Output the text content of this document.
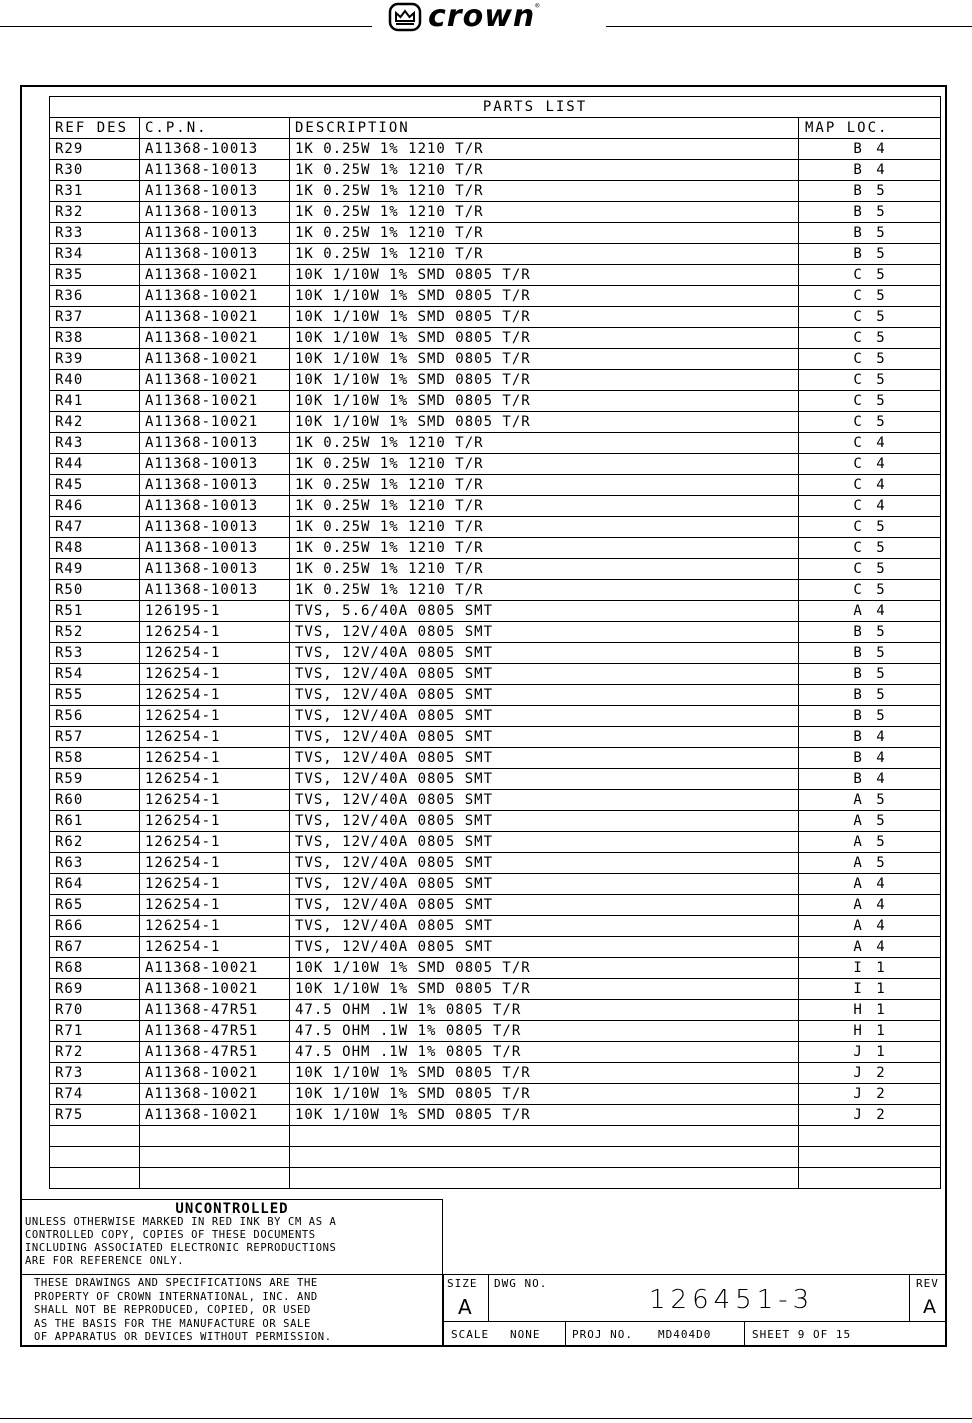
crown ®
PARTS LIST			
REF DES	C.P.N.	DESCRIPTION	MAP LOC.
R29	A11368-10013	1K 0.25W 1% 1210 T/R	B 4
R30	A11368-10013	1K 0.25W 1% 1210 T/R	B 4
R31	A11368-10013	1K 0.25W 1% 1210 T/R	B 5
R32	A11368-10013	1K 0.25W 1% 1210 T/R	B 5
R33	A11368-10013	1K 0.25W 1% 1210 T/R	B 5
R34	A11368-10013	1K 0.25W 1% 1210 T/R	B 5
R35	A11368-10021	10K 1/10W 1% SMD 0805 T/R	C 5
R36	A11368-10021	10K 1/10W 1% SMD 0805 T/R	C 5
R37	A11368-10021	10K 1/10W 1% SMD 0805 T/R	C 5
R38	A11368-10021	10K 1/10W 1% SMD 0805 T/R	C 5
R39	A11368-10021	10K 1/10W 1% SMD 0805 T/R	C 5
R40	A11368-10021	10K 1/10W 1% SMD 0805 T/R	C 5
R41	A11368-10021	10K 1/10W 1% SMD 0805 T/R	C 5
R42	A11368-10021	10K 1/10W 1% SMD 0805 T/R	C 5
R43	A11368-10013	1K 0.25W 1% 1210 T/R	C 4
R44	A11368-10013	1K 0.25W 1% 1210 T/R	C 4
R45	A11368-10013	1K 0.25W 1% 1210 T/R	C 4
R46	A11368-10013	1K 0.25W 1% 1210 T/R	C 4
R47	A11368-10013	1K 0.25W 1% 1210 T/R	C 5
R48	A11368-10013	1K 0.25W 1% 1210 T/R	C 5
R49	A11368-10013	1K 0.25W 1% 1210 T/R	C 5
R50	A11368-10013	1K 0.25W 1% 1210 T/R	C 5
R51	126195-1	TVS, 5.6/40A 0805 SMT	A 4
R52	126254-1	TVS, 12V/40A 0805 SMT	B 5
R53	126254-1	TVS, 12V/40A 0805 SMT	B 5
R54	126254-1	TVS, 12V/40A 0805 SMT	B 5
R55	126254-1	TVS, 12V/40A 0805 SMT	B 5
R56	126254-1	TVS, 12V/40A 0805 SMT	B 5
R57	126254-1	TVS, 12V/40A 0805 SMT	B 4
R58	126254-1	TVS, 12V/40A 0805 SMT	B 4
R59	126254-1	TVS, 12V/40A 0805 SMT	B 4
R60	126254-1	TVS, 12V/40A 0805 SMT	A 5
R61	126254-1	TVS, 12V/40A 0805 SMT	A 5
R62	126254-1	TVS, 12V/40A 0805 SMT	A 5
R63	126254-1	TVS, 12V/40A 0805 SMT	A 5
R64	126254-1	TVS, 12V/40A 0805 SMT	A 4
R65	126254-1	TVS, 12V/40A 0805 SMT	A 4
R66	126254-1	TVS, 12V/40A 0805 SMT	A 4
R67	126254-1	TVS, 12V/40A 0805 SMT	A 4
R68	A11368-10021	10K 1/10W 1% SMD 0805 T/R	I 1
R69	A11368-10021	10K 1/10W 1% SMD 0805 T/R	I 1
R70	A11368-47R51	47.5 OHM .1W 1% 0805 T/R	H 1
R71	A11368-47R51	47.5 OHM .1W 1% 0805 T/R	H 1
R72	A11368-47R51	47.5 OHM .1W 1% 0805 T/R	J 1
R73	A11368-10021	10K 1/10W 1% SMD 0805 T/R	J 2
R74	A11368-10021	10K 1/10W 1% SMD 0805 T/R	J 2
R75	A11368-10021	10K 1/10W 1% SMD 0805 T/R	J 2

UNCONTROLLED
UNLESS OTHERWISE MARKED IN RED INK BY CM AS A
CONTROLLED COPY, COPIES OF THESE DOCUMENTS
INCLUDING ASSOCIATED ELECTRONIC REPRODUCTIONS
ARE FOR REFERENCE ONLY.
THESE DRAWINGS AND SPECIFICATIONS ARE THE
PROPERTY OF CROWN INTERNATIONAL, INC. AND
SHALL NOT BE REPRODUCED, COPIED, OR USED
AS THE BASIS FOR THE MANUFACTURE OR SALE
OF APPARATUS OR DEVICES WITHOUT PERMISSION.
SIZE
A
DWG NO.
126451-3
REV
A
SCALE NONE	PROJ NO. MD404D0	SHEET 9 OF 15
